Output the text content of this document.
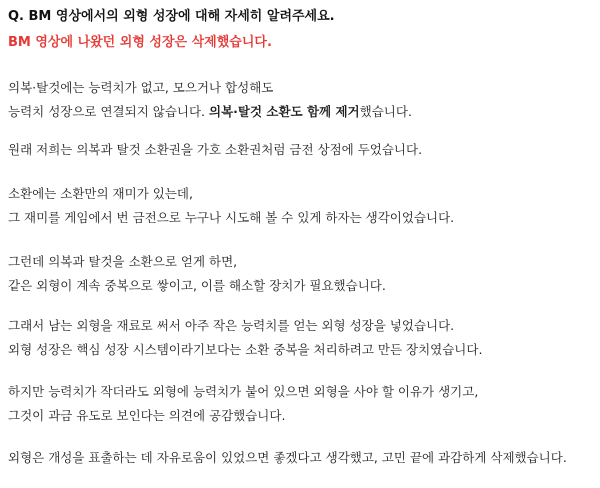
Q. BM 영상에서의 외형 성장에 대해 자세히 알려주세요.

BM 영상에 나왔던 외형 성장은 삭제했습니다.

의복·탈것에는 능력치가 없고, 모으거나 합성해도
능력치 성장으로 연결되지 않습니다. 의복·탈것 소환도 함께 제거했습니다.

원래 저희는 의복과 탈것 소환권을 가호 소환권처럼 금전 상점에 두었습니다.

소환에는 소환만의 재미가 있는데,
그 재미를 게임에서 번 금전으로 누구나 시도해 볼 수 있게 하자는 생각이었습니다.

그런데 의복과 탈것을 소환으로 얻게 하면,
같은 외형이 계속 중복으로 쌓이고, 이를 해소할 장치가 필요했습니다.

그래서 남는 외형을 재료로 써서 아주 작은 능력치를 얻는 외형 성장을 넣었습니다.
외형 성장은 핵심 성장 시스템이라기보다는 소환 중복을 처리하려고 만든 장치였습니다.

하지만 능력치가 작더라도 외형에 능력치가 붙어 있으면 외형을 사야 할 이유가 생기고,
그것이 과금 유도로 보인다는 의견에 공감했습니다.

외형은 개성을 표출하는 데 자유로움이 있었으면 좋겠다고 생각했고, 고민 끝에 과감하게 삭제했습니다.
